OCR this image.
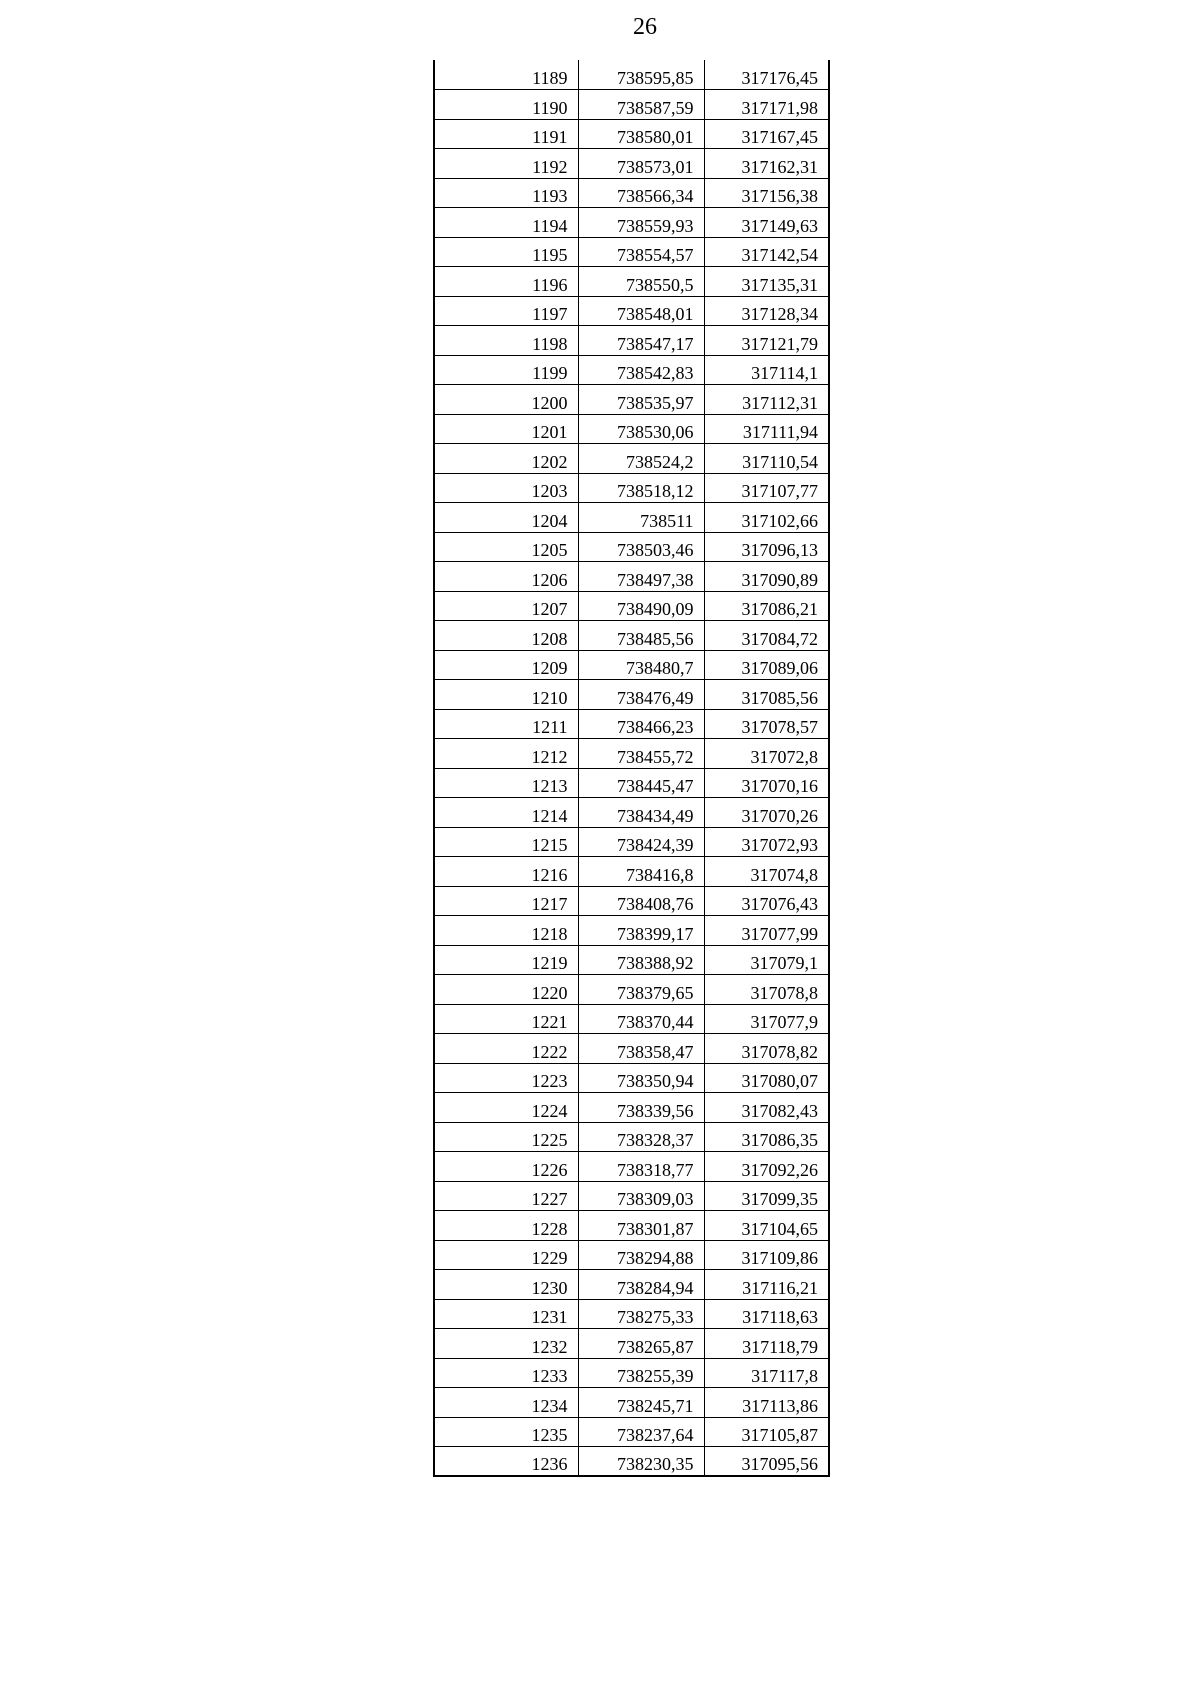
26
1189	738595,85	317176,45
1190	738587,59	317171,98
1191	738580,01	317167,45
1192	738573,01	317162,31
1193	738566,34	317156,38
1194	738559,93	317149,63
1195	738554,57	317142,54
1196	738550,5	317135,31
1197	738548,01	317128,34
1198	738547,17	317121,79
1199	738542,83	317114,1
1200	738535,97	317112,31
1201	738530,06	317111,94
1202	738524,2	317110,54
1203	738518,12	317107,77
1204	738511	317102,66
1205	738503,46	317096,13
1206	738497,38	317090,89
1207	738490,09	317086,21
1208	738485,56	317084,72
1209	738480,7	317089,06
1210	738476,49	317085,56
1211	738466,23	317078,57
1212	738455,72	317072,8
1213	738445,47	317070,16
1214	738434,49	317070,26
1215	738424,39	317072,93
1216	738416,8	317074,8
1217	738408,76	317076,43
1218	738399,17	317077,99
1219	738388,92	317079,1
1220	738379,65	317078,8
1221	738370,44	317077,9
1222	738358,47	317078,82
1223	738350,94	317080,07
1224	738339,56	317082,43
1225	738328,37	317086,35
1226	738318,77	317092,26
1227	738309,03	317099,35
1228	738301,87	317104,65
1229	738294,88	317109,86
1230	738284,94	317116,21
1231	738275,33	317118,63
1232	738265,87	317118,79
1233	738255,39	317117,8
1234	738245,71	317113,86
1235	738237,64	317105,87
1236	738230,35	317095,56
